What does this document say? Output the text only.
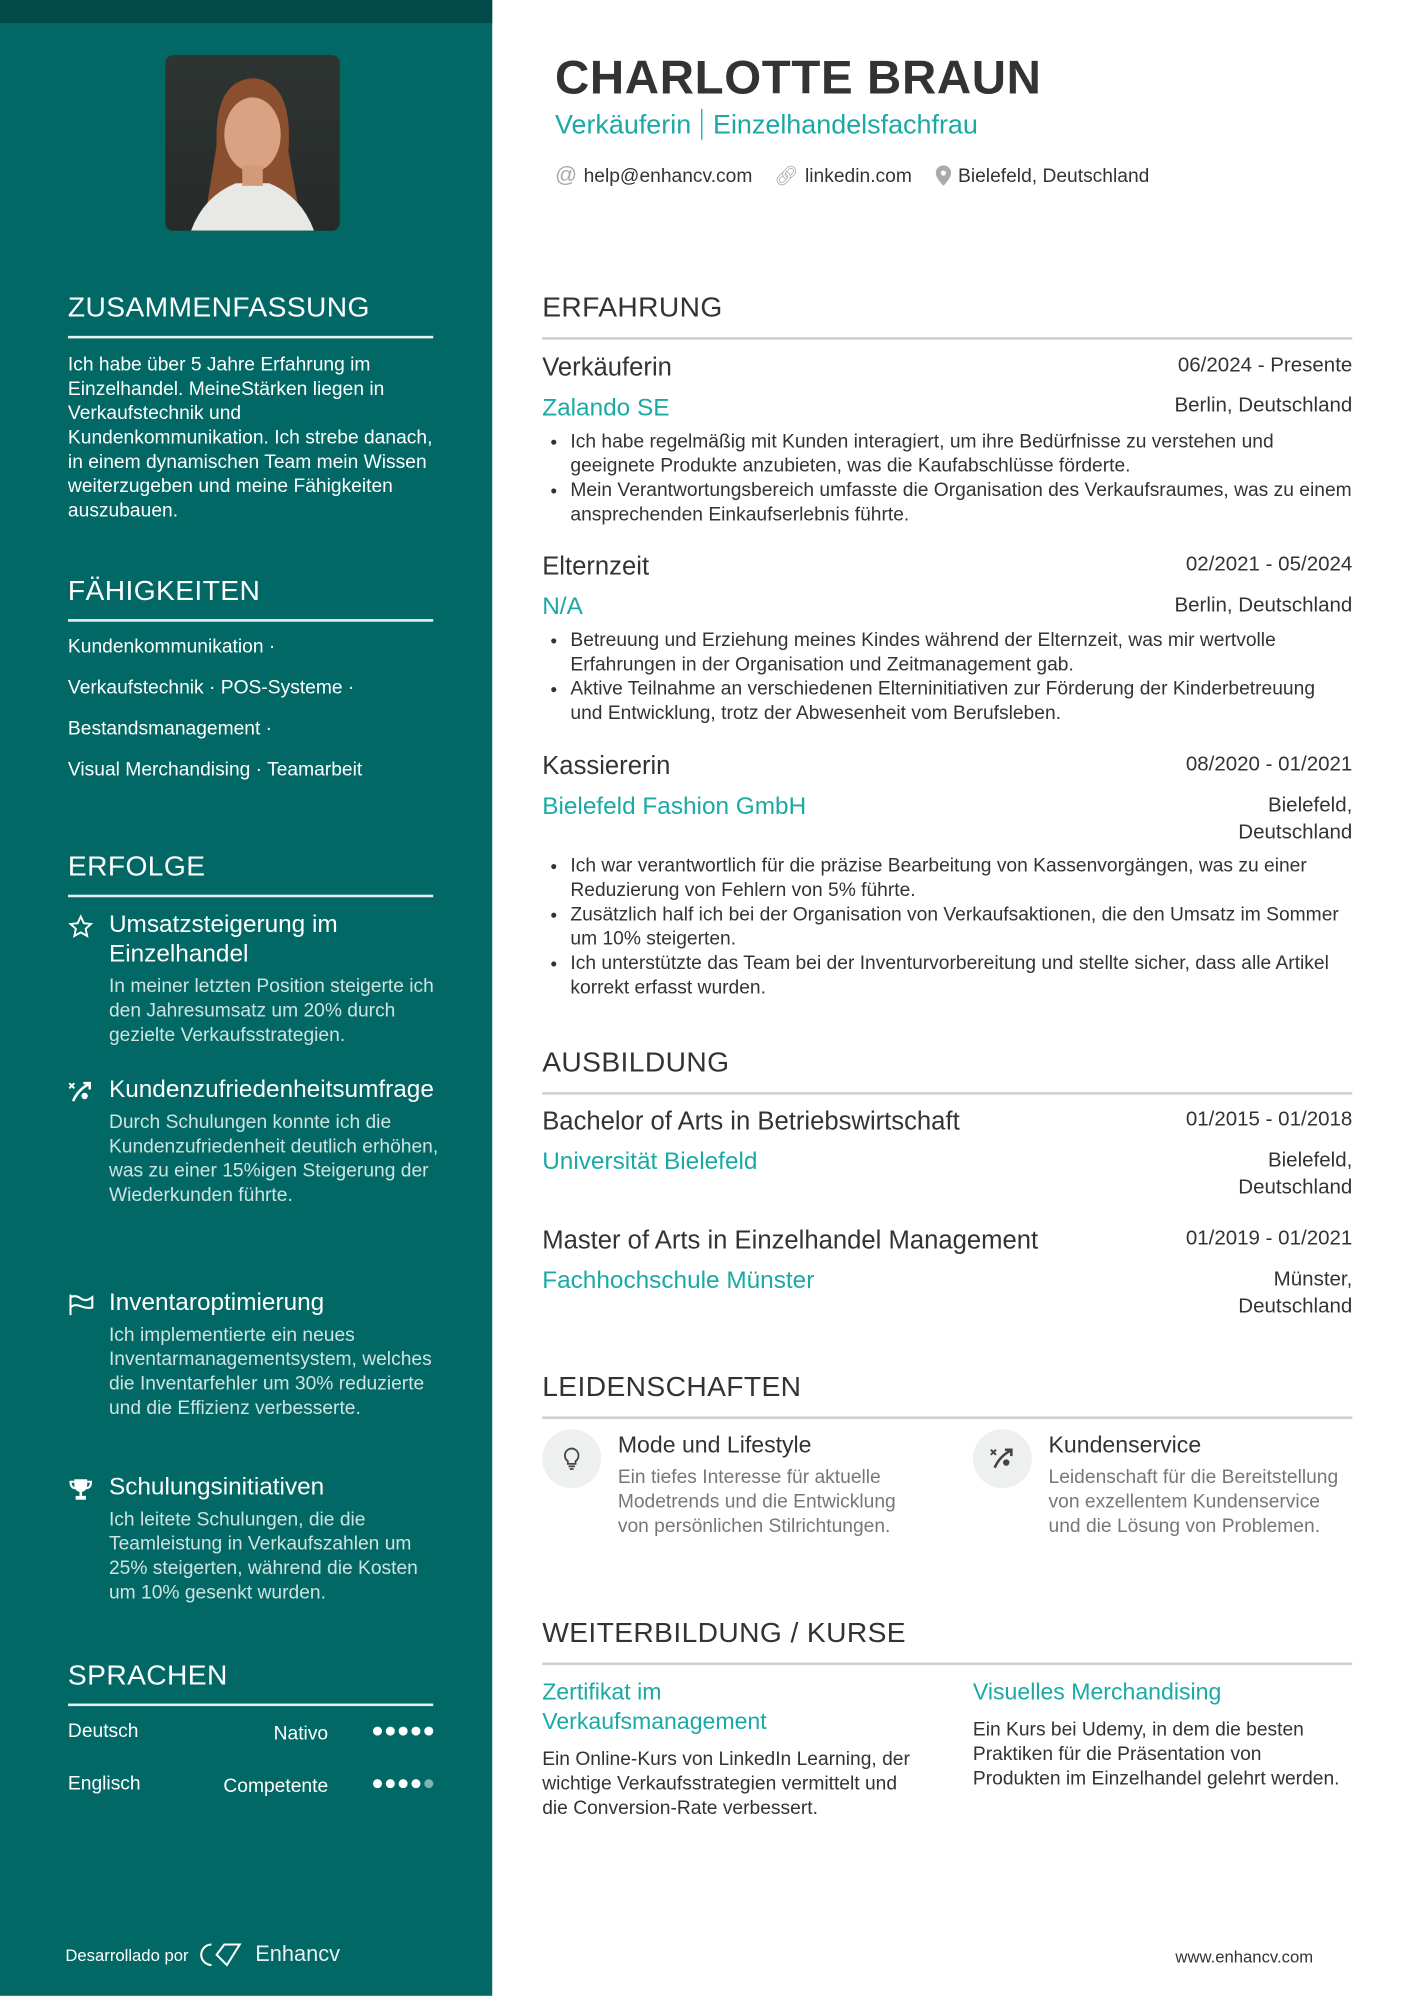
ZUSAMMENFASSUNG
Ich habe über 5 Jahre Erfahrung im Einzelhandel. MeineStärken liegen in Verkaufstechnik und Kundenkommunikation. Ich strebe danach, in einem dynamischen Team mein Wissen weiterzugeben und meine Fähigkeiten auszubauen.
FÄHIGKEITEN
Kundenkommunikation ·
Verkaufstechnik · POS-Systeme ·
Bestandsmanagement ·
Visual Merchandising · Teamarbeit
ERFOLGE
Umsatzsteigerung im Einzelhandel
In meiner letzten Position steigerte ich den Jahresumsatz um 20% durch gezielte Verkaufsstrategien.
Kundenzufriedenheitsumfrage
Durch Schulungen konnte ich die Kundenzufriedenheit deutlich erhöhen, was zu einer 15%igen Steigerung der Wiederkunden führte.
Inventaroptimierung
Ich implementierte ein neues Inventarmanagementsystem, welches die Inventarfehler um 30% reduzierte und die Effizienz verbesserte.
Schulungsinitiativen
Ich leitete Schulungen, die die Teamleistung in Verkaufszahlen um 25% steigerten, während die Kosten um 10% gesenkt wurden.
SPRACHEN
Deutsch	Nativo
Englisch	Competente
Desarrollado por	Enhancv
CHARLOTTE BRAUN
Verkäuferin Einzelhandelsfachfrau
@ help@enhancv.com 🔗︎ linkedin.com	Bielefeld, Deutschland
ERFAHRUNG
Verkäuferin	06/2024 - Presente
Zalando SE	Berlin, Deutschland
• Ich habe regelmäßig mit Kunden interagiert, um ihre Bedürfnisse zu verstehen und geeignete Produkte anzubieten, was die Kaufabschlüsse förderte.
• Mein Verantwortungsbereich umfasste die Organisation des Verkaufsraumes, was zu einem ansprechenden Einkaufserlebnis führte.
Elternzeit	02/2021 - 05/2024
N/A	Berlin, Deutschland
• Betreuung und Erziehung meines Kindes während der Elternzeit, was mir wertvolle Erfahrungen in der Organisation und Zeitmanagement gab.
• Aktive Teilnahme an verschiedenen Elterninitiativen zur Förderung der Kinderbetreuung und Entwicklung, trotz der Abwesenheit vom Berufsleben.
Kassiererin	08/2020 - 01/2021
Bielefeld Fashion GmbH	Bielefeld,
Deutschland
• Ich war verantwortlich für die präzise Bearbeitung von Kassenvorgängen, was zu einer Reduzierung von Fehlern von 5% führte.
• Zusätzlich half ich bei der Organisation von Verkaufsaktionen, die den Umsatz im Sommer um 10% steigerten.
• Ich unterstützte das Team bei der Inventurvorbereitung und stellte sicher, dass alle Artikel korrekt erfasst wurden.
AUSBILDUNG
Bachelor of Arts in Betriebswirtschaft	01/2015 - 01/2018
Universität Bielefeld	Bielefeld,
Deutschland
Master of Arts in Einzelhandel Management	01/2019 - 01/2021
Fachhochschule Münster	Münster,
Deutschland
LEIDENSCHAFTEN
Mode und Lifestyle
Ein tiefes Interesse für aktuelle Modetrends und die Entwicklung von persönlichen Stilrichtungen.
Kundenservice
Leidenschaft für die Bereitstellung von exzellentem Kundenservice und die Lösung von Problemen.
WEITERBILDUNG / KURSE
Zertifikat im Verkaufsmanagement
Ein Online-Kurs von LinkedIn Learning, der wichtige Verkaufsstrategien vermittelt und die Conversion-Rate verbessert.
Visuelles Merchandising
Ein Kurs bei Udemy, in dem die besten Praktiken für die Präsentation von Produkten im Einzelhandel gelehrt werden.
www.enhancv.com
